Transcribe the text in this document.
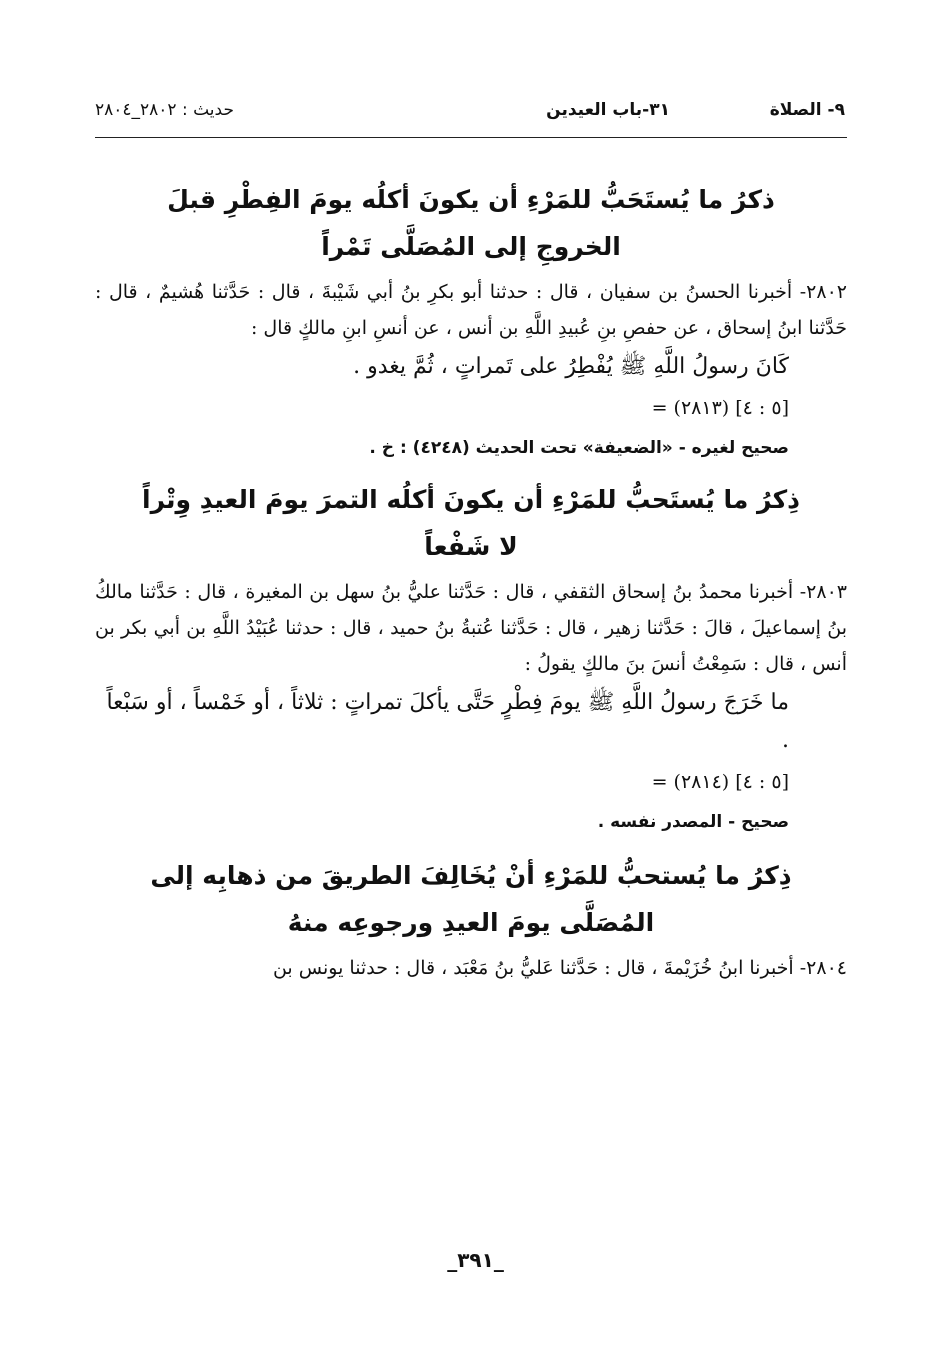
٩- الصلاة
٣١-باب العيدين
حديث : ٢٨٠٢_٢٨٠٤

ذكرُ ما يُستَحَبُّ للمَرْءِ أن يكونَ أكلُه يومَ الفِطْرِ قبلَ
الخروجِ إلى المُصَلَّى تَمْراً

٢٨٠٢- أخبرنا الحسنُ بن سفيان ، قال : حدثنا أبو بكرِ بنُ أبي شَيْبةَ ، قال : حَدَّثنا هُشيمٌ ، قال : حَدَّثنا ابنُ إسحاق ، عن حفصِ بنِ عُبيدِ اللَّهِ بن أنس ، عن أنسِ ابنِ مالكٍ قال :

كَانَ رسولُ اللَّهِ ﷺ يُفْطِرُ على تَمراتٍ ، ثُمَّ يغدو .

= (٢٨١٣) [٥ : ٤]

صحيح لغيره - «الضعيفة» تحت الحديث (٤٢٤٨) : خ .

ذِكرُ ما يُستَحبُّ للمَرْءِ أن يكونَ أكلُه التمرَ يومَ العيدِ وِتْراً
لا شَفْعاً

٢٨٠٣- أخبرنا محمدُ بنُ إسحاق الثقفي ، قال : حَدَّثنا عليُّ بنُ سهل بن المغيرة ، قال : حَدَّثنا مالكُ بنُ إسماعيلَ ، قالَ : حَدَّثنا زهير ، قال : حَدَّثنا عُتبةُ بنُ حميد ، قال : حدثنا عُبَيْدُ اللَّهِ بن أبي بكر بن أنس ، قال : سَمِعْتُ أنسَ بنَ مالكٍ يقولُ :

ما خَرَجَ رسولُ اللَّهِ ﷺ يومَ فِطْرٍ حَتَّى يأكلَ تمراتٍ : ثلاثاً ، أو خَمْساً ، أو سَبْعاً .

= (٢٨١٤) [٥ : ٤]

صحيح - المصدر نفسه .

ذِكرُ ما يُستحبُّ للمَرْءِ أنْ يُخَالِفَ الطريقَ من ذهابِه إلى
المُصَلَّى يومَ العيدِ ورجوعِه منهُ

٢٨٠٤- أخبرنا ابنُ خُزَيْمةَ ، قال : حَدَّثنا عَليُّ بنُ مَعْبَد ، قال : حدثنا يونس بن

_٣٩١_
